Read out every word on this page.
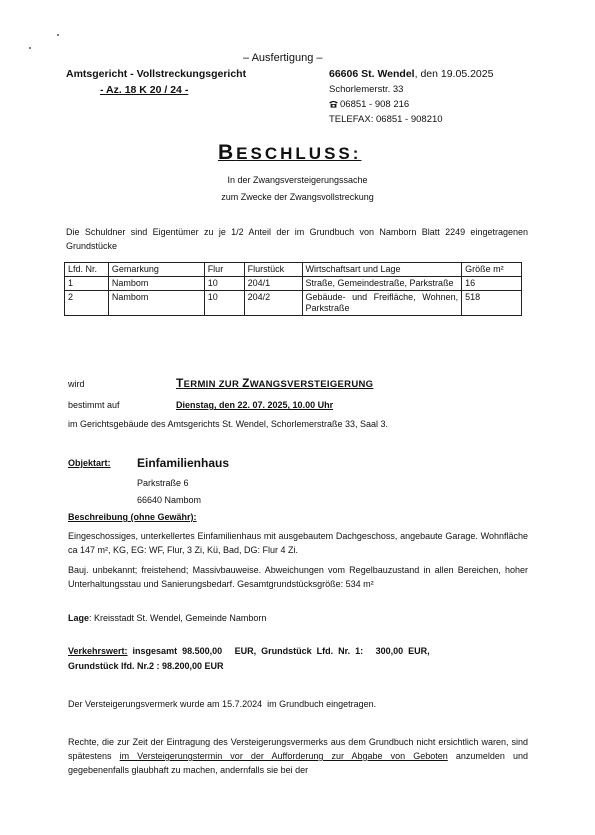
– Ausfertigung –
Amtsgericht - Vollstreckungsgericht
- Az. 18 K 20 / 24 -
66606 St. Wendel, den 19.05.2025
Schorlemerstr. 33
06851 - 908 216
TELEFAX: 06851 - 908210
BESCHLUSS:
In der Zwangsversteigerungssache
zum Zwecke der Zwangsvollstreckung
Die Schuldner sind Eigentümer zu je 1/2 Anteil der im Grundbuch von Namborn Blatt 2249 eingetragenen Grundstücke
Lfd. Nr.	Gemarkung	Flur	Flurstück	Wirtschaftsart und Lage	Größe m²
1	Nambom	10	204/1	Straße, Gemeindestraße, Parkstraße	16
2	Nambom	10	204/2	Gebäude- und Freifläche, Wohnen, Parkstraße	518
wird	TERMIN ZUR ZWANGSVERSTEIGERUNG
bestimmt auf	Dienstag, den 22. 07. 2025, 10.00 Uhr
im Gerichtsgebäude des Amtsgerichts St. Wendel, Schorlemerstraße 33, Saal 3.
Objektart: Einfamilienhaus
Parkstraße 6
66640 Nambom
Beschreibung (ohne Gewähr):
Eingeschossiges, unterkellertes Einfamilienhaus mit ausgebautem Dachgeschoss, angebaute Garage. Wohnfläche ca 147 m², KG, EG: WF, Flur, 3 Zi, Kü, Bad, DG: Flur 4 Zi.
Bauj. unbekannt; freistehend; Massivbauweise. Abweichungen vom Regelbauzustand in allen Bereichen, hoher Unterhaltungsstau und Sanierungsbedarf. Gesamtgrundstücksgröße: 534 m²
Lage: Kreisstadt St. Wendel, Gemeinde Namborn
Verkehrswert:  insgesamt  98.500,00     EUR,  Grundstück  Lfd.  Nr.  1:     300,00  EUR,
Grundstück lfd. Nr.2 : 98.200,00 EUR
Der Versteigerungsvermerk wurde am 15.7.2024  im Grundbuch eingetragen.
Rechte, die zur Zeit der Eintragung des Versteigerungsvermerks aus dem Grundbuch nicht ersichtlich waren, sind spätestens im Versteigerungstermin vor der Aufforderung zur Abgabe von Geboten anzumelden und gegebenenfalls glaubhaft zu machen, andernfalls sie bei der
